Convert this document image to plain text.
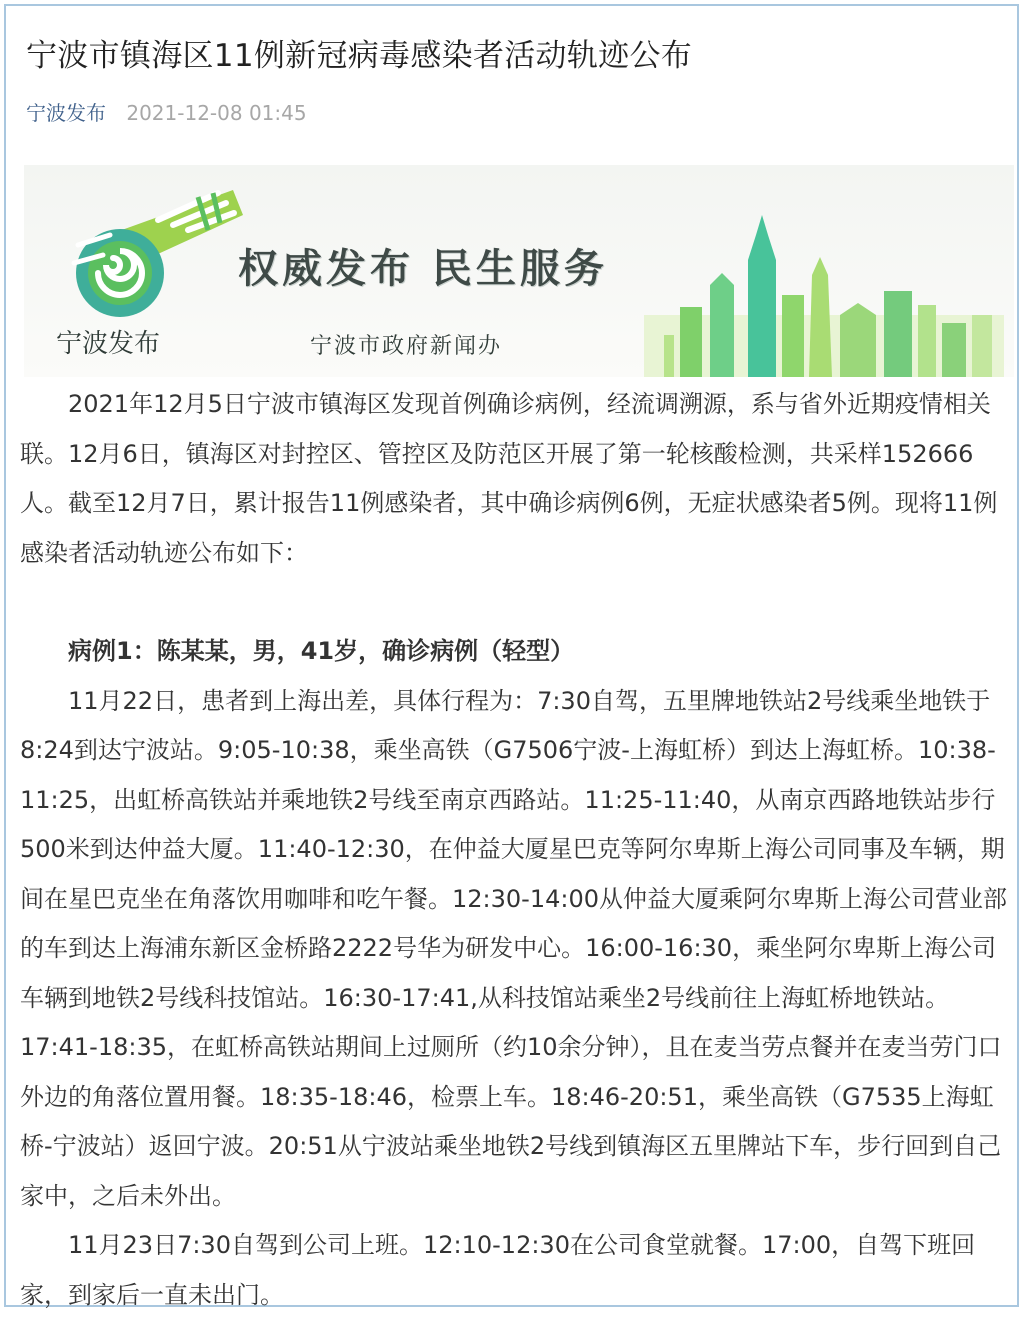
宁波市镇海区11例新冠病毒感染者活动轨迹公布
宁波发布 2021-12-08 01:45
权威发布 民生服务
宁波发布	宁波市政府新闻办

2021年12月5日宁波市镇海区发现首例确诊病例，经流调溯源，系与省外近期疫情相关联。12月6日，镇海区对封控区、管控区及防范区开展了第一轮核酸检测，共采样152666人。截至12月7日，累计报告11例感染者，其中确诊病例6例，无症状感染者5例。现将11例感染者活动轨迹公布如下：

病例1：陈某某，男，41岁，确诊病例（轻型）

11月22日，患者到上海出差，具体行程为：7:30自驾，五里牌地铁站2号线乘坐地铁于8:24到达宁波站。9:05-10:38，乘坐高铁（G7506宁波-上海虹桥）到达上海虹桥。10:38-11:25，出虹桥高铁站并乘地铁2号线至南京西路站。11:25-11:40，从南京西路地铁站步行500米到达仲益大厦。11:40-12:30，在仲益大厦星巴克等阿尔卑斯上海公司同事及车辆，期间在星巴克坐在角落饮用咖啡和吃午餐。12:30-14:00从仲益大厦乘阿尔卑斯上海公司营业部的车到达上海浦东新区金桥路2222号华为研发中心。16:00-16:30，乘坐阿尔卑斯上海公司车辆到地铁2号线科技馆站。16:30-17:41,从科技馆站乘坐2号线前往上海虹桥地铁站。17:41-18:35，在虹桥高铁站期间上过厕所（约10余分钟），且在麦当劳点餐并在麦当劳门口外边的角落位置用餐。18:35-18:46，检票上车。18:46-20:51，乘坐高铁（G7535上海虹桥-宁波站）返回宁波。20:51从宁波站乘坐地铁2号线到镇海区五里牌站下车，步行回到自己家中，之后未外出。

11月23日7:30自驾到公司上班。12:10-12:30在公司食堂就餐。17:00，自驾下班回家，到家后一直未出门。
